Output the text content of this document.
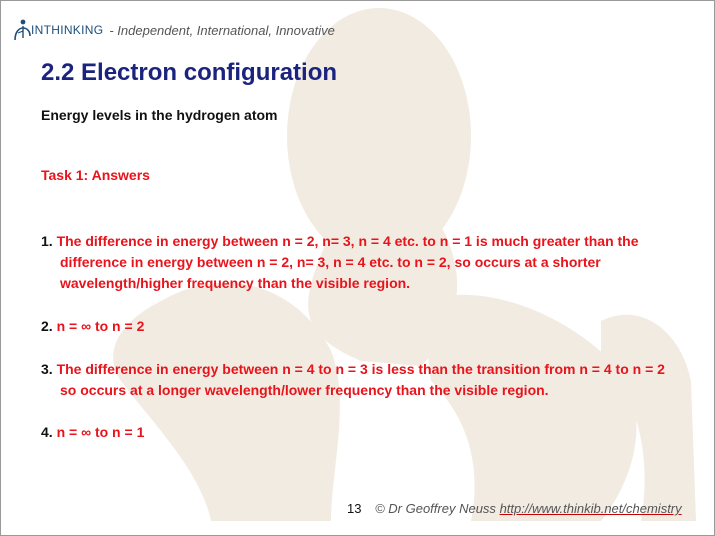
INTHINKING - Independent, International, Innovative
2.2 Electron configuration

Energy levels in the hydrogen atom

Task 1: Answers

1. The difference in energy between n = 2, n= 3, n = 4 etc. to n = 1 is much greater than the difference in energy between n = 2, n= 3, n = 4 etc. to n = 2, so occurs at a shorter wavelength/higher frequency than the visible region.
2. n = ∞ to n = 2
3. The difference in energy between n = 4 to n = 3 is less than the transition from n = 4 to n = 2 so occurs at a longer wavelength/lower frequency than the visible region.
4. n = ∞ to n = 1
13 © Dr Geoffrey Neuss http://www.thinkib.net/chemistry
